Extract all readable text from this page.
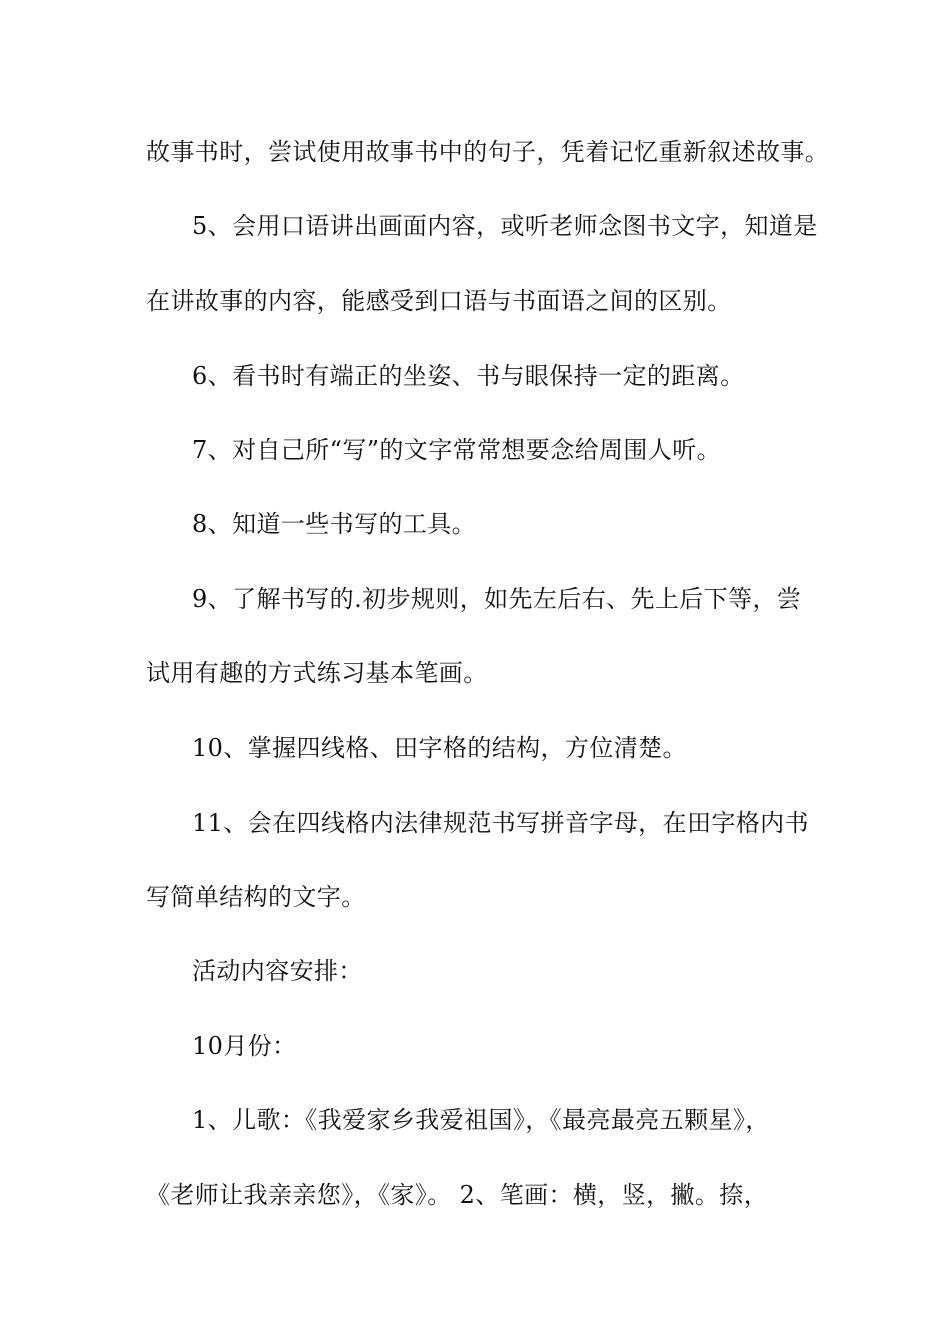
故事书时，尝试使用故事书中的句子，凭着记忆重新叙述故事。
5、会用口语讲出画面内容，或听老师念图书文字，知道是
在讲故事的内容，能感受到口语与书面语之间的区别。
6、看书时有端正的坐姿、书与眼保持一定的距离。
7、对自己所“写”的文字常常想要念给周围人听。
8、知道一些书写的工具。
9、了解书写的.初步规则，如先左后右、先上后下等，尝
试用有趣的方式练习基本笔画。
10、掌握四线格、田字格的结构，方位清楚。
11、会在四线格内法律规范书写拼音字母，在田字格内书
写简单结构的文字。
活动内容安排：
10月份：
1、儿歌：《我爱家乡我爱祖国》，《最亮最亮五颗星》，
《老师让我亲亲您》，《家》。 2、笔画：横，竖，撇。捺，
